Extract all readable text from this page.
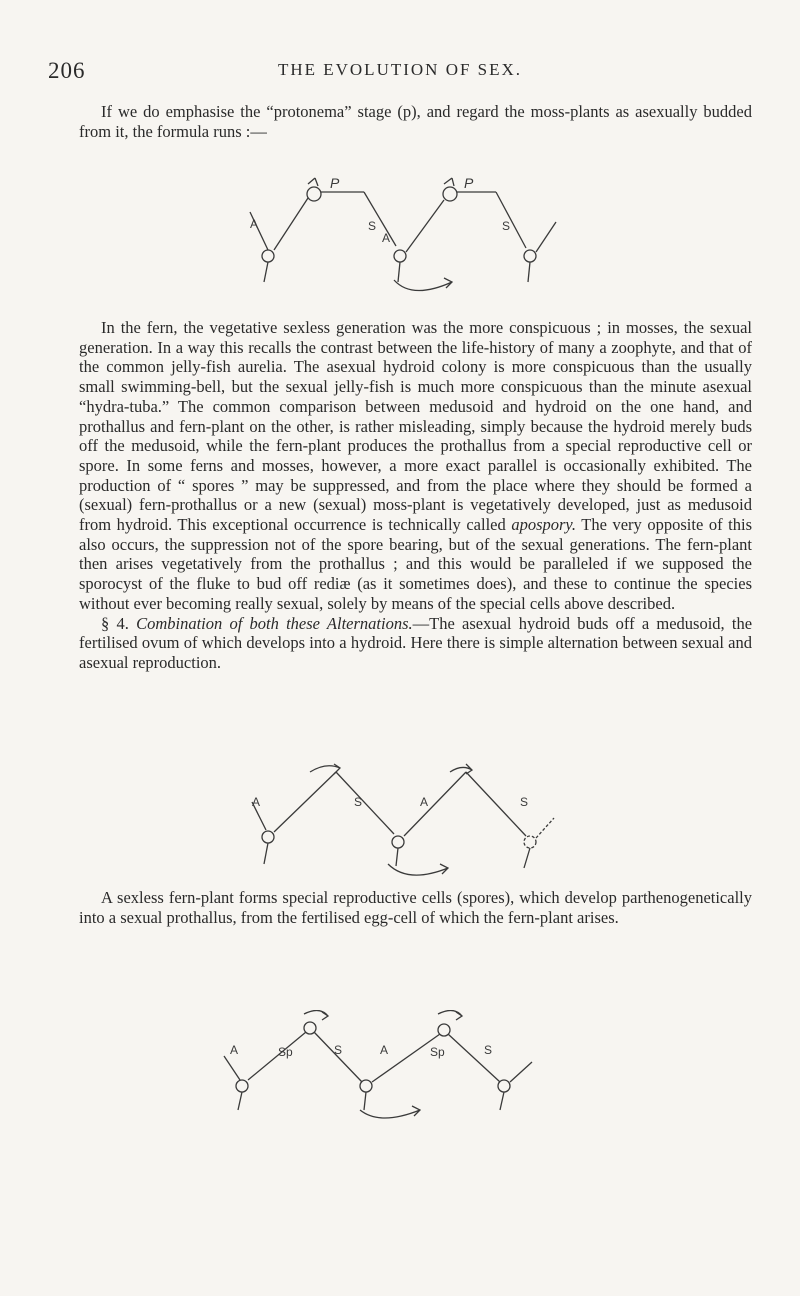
206	THE EVOLUTION OF SEX.

If we do emphasise the “protonema” stage (p), and regard the moss-plants as asexually budded from it, the formula runs :—

A	S
A
S
P	P

In the fern, the vegetative sexless generation was the more conspicuous ; in mosses, the sexual generation. In a way this recalls the contrast between the life-history of many a zoophyte, and that of the common jelly-fish aurelia. The asexual hydroid colony is more conspicuous than the usually small swimming-bell, but the sexual jelly-fish is much more conspicuous than the minute asexual “hydra-tuba.” The common comparison between medusoid and hydroid on the one hand, and prothallus and fern-plant on the other, is rather misleading, simply because the hydroid merely buds off the medusoid, while the fern-plant produces the prothallus from a special reproductive cell or spore. In some ferns and mosses, however, a more exact parallel is occasionally exhibited. The production of “ spores ” may be suppressed, and from the place where they should be formed a (sexual) fern-prothallus or a new (sexual) moss-plant is vegetatively developed, just as medusoid from hydroid. This exceptional occurrence is technically called apospory. The very opposite of this also occurs, the suppression not of the spore bearing, but of the sexual generations. The fern-plant then arises vegetatively from the prothallus ; and this would be paralleled if we supposed the sporocyst of the fluke to bud off rediæ (as it sometimes does), and these to continue the species without ever becoming really sexual, solely by means of the special cells above described.

§ 4. Combination of both these Alternations.—The asexual hydroid buds off a medusoid, the fertilised ovum of which develops into a hydroid. Here there is simple alternation between sexual and asexual reproduction.

A	S	A	S

A sexless fern-plant forms special reproductive cells (spores), which develop parthenogenetically into a sexual prothallus, from the fertilised egg-cell of which the fern-plant arises.

A	Sp	S	A	Sp	S
